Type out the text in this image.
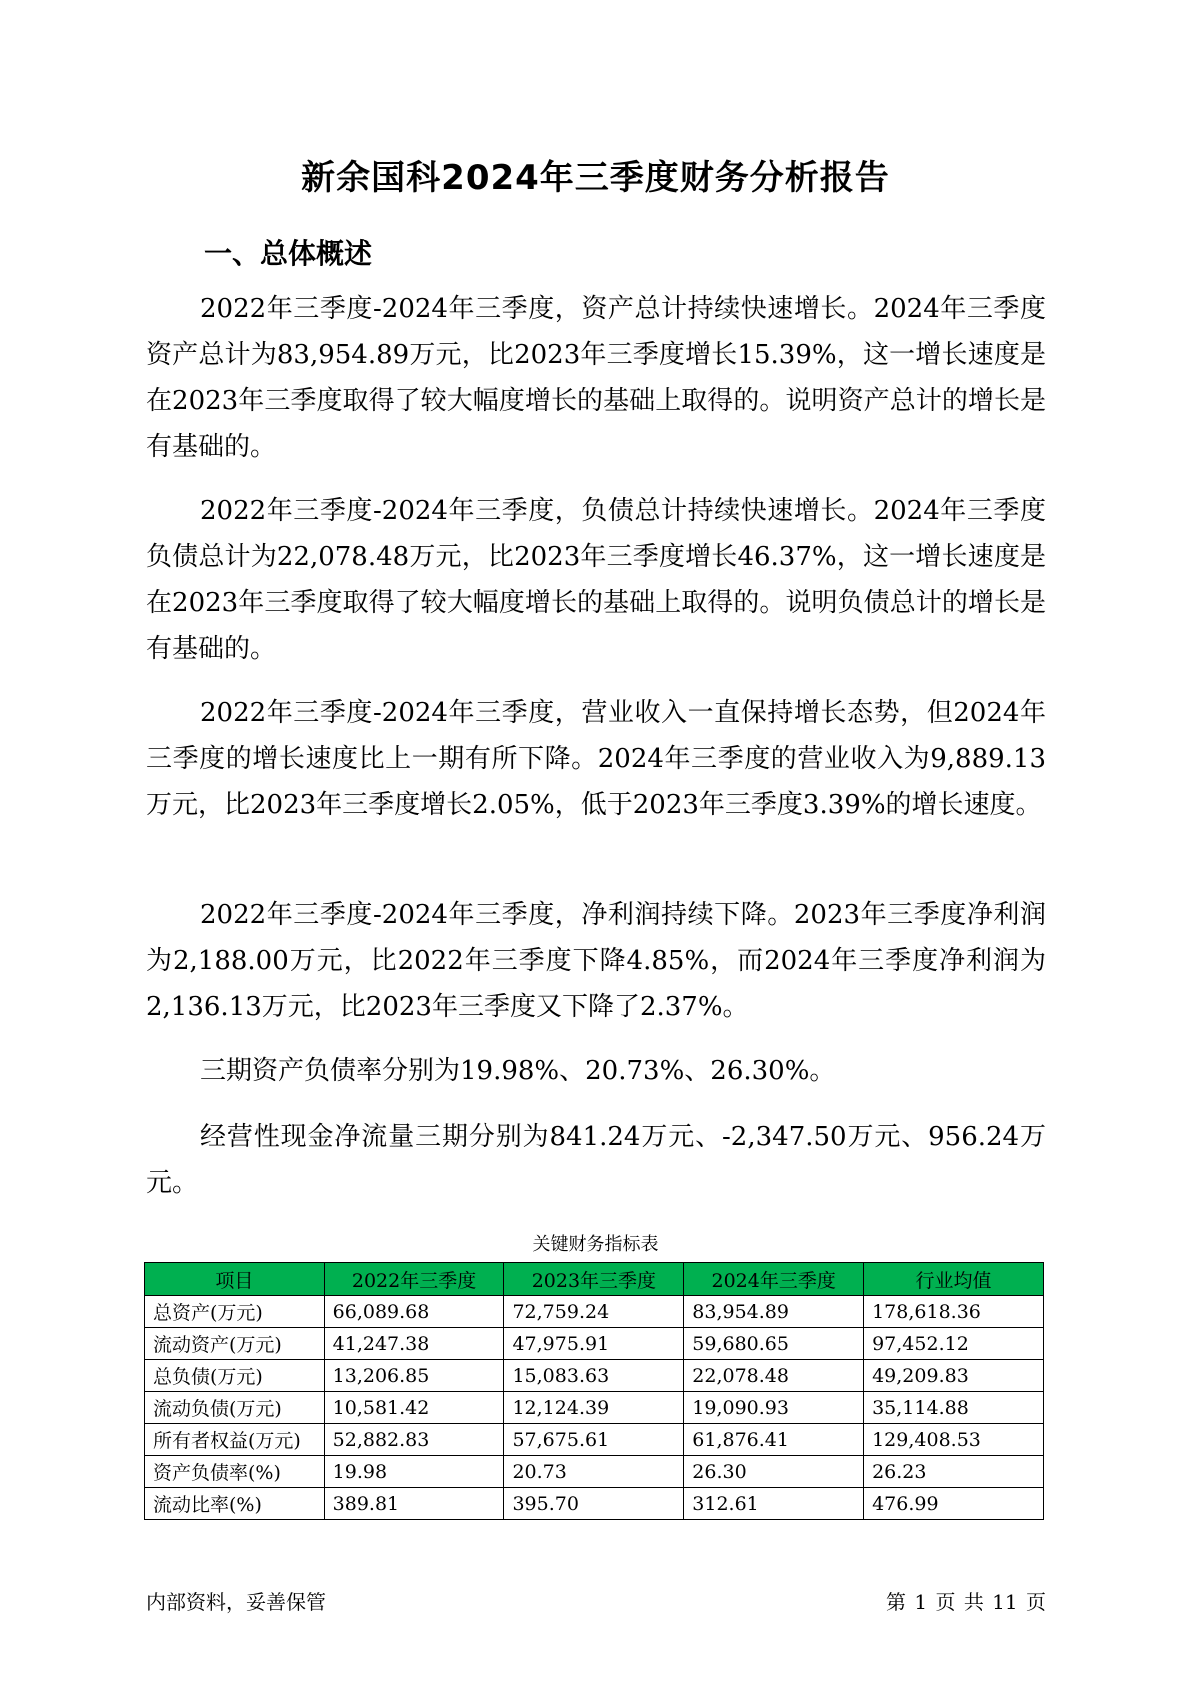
新余国科2024年三季度财务分析报告
一、总体概述

2022年三季度-2024年三季度，资产总计持续快速增长。2024年三季度资产总计为83,954.89万元，比2023年三季度增长15.39%，这一增长速度是在2023年三季度取得了较大幅度增长的基础上取得的。说明资产总计的增长是有基础的。

2022年三季度-2024年三季度，负债总计持续快速增长。2024年三季度负债总计为22,078.48万元，比2023年三季度增长46.37%，这一增长速度是在2023年三季度取得了较大幅度增长的基础上取得的。说明负债总计的增长是有基础的。

2022年三季度-2024年三季度，营业收入一直保持增长态势，但2024年三季度的增长速度比上一期有所下降。2024年三季度的营业收入为9,889.13万元，比2023年三季度增长2.05%，低于2023年三季度3.39%的增长速度。

2022年三季度-2024年三季度，净利润持续下降。2023年三季度净利润为2,188.00万元，比2022年三季度下降4.85%，而2024年三季度净利润为2,136.13万元，比2023年三季度又下降了2.37%。

三期资产负债率分别为19.98%、20.73%、26.30%。

经营性现金净流量三期分别为841.24万元、-2,347.50万元、956.24万元。

关键财务指标表
项目	2022年三季度	2023年三季度	2024年三季度	行业均值
总资产(万元)	66,089.68	72,759.24	83,954.89	178,618.36
流动资产(万元)	41,247.38	47,975.91	59,680.65	97,452.12
总负债(万元)	13,206.85	15,083.63	22,078.48	49,209.83
流动负债(万元)	10,581.42	12,124.39	19,090.93	35,114.88
所有者权益(万元)	52,882.83	57,675.61	61,876.41	129,408.53
资产负债率(%)	19.98	20.73	26.30	26.23
流动比率(%)	389.81	395.70	312.61	476.99
内部资料，妥善保管	第 1 页 共 11 页
